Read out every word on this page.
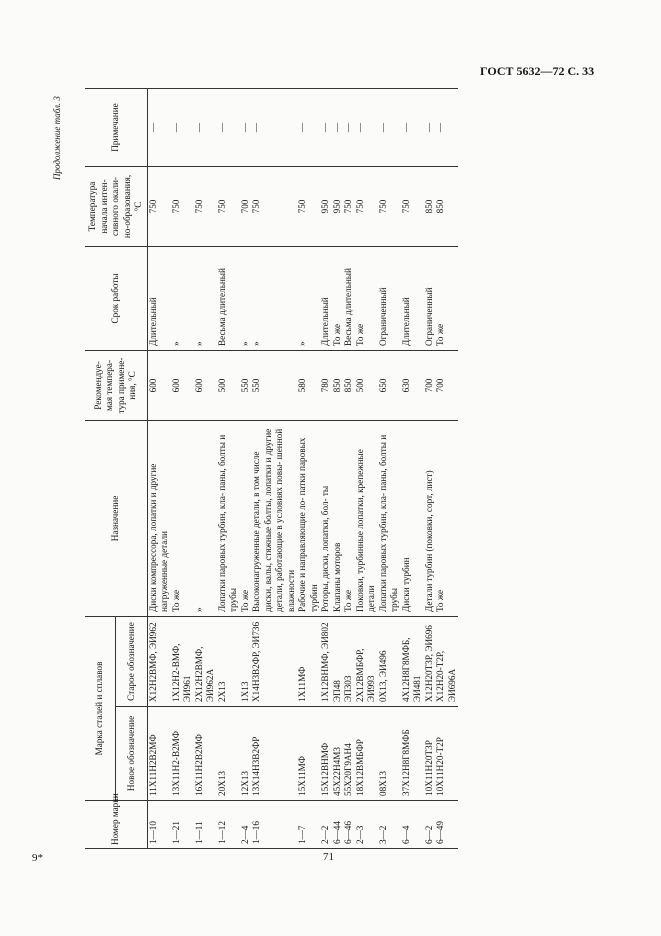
ГОСТ 5632—72 С. 33
Продолжение табл. 3
Номер марки	Марка сталей и сплавов		Назначение	Рекомендуе- мая темпера- тура примене- ния, °С	Срок работы	Температура начала интен- сивного окали- но-образования, °С	Примечание
	Новое обозначение	Старое обозначение					
1—10	11Х11Н2В2МФ	Х12Н2ВМФ, ЭИ962	Диски компрессора, лопатки и другие нагруженные детали	600	Длительный	750	—
1—21	13Х11Н2-В2МФ	1Х12Н2-ВМФ, ЭИ961	То же	600	»	750	—
1—11	16Х11Н2В2МФ	2Х12Н2ВМФ, ЭИ962А	»	600	»	750	—
1—12	20Х13	2Х13	Лопатки паровых турбин, кла- паны, болты и трубы	500	Весьма длительный	750	—
2—4	12Х13	1Х13	То же	550	»	700	—
1—16	13Х14Н3В2ФР	Х14Н3В2ФР, ЭИ736	Высоконагруженные детали, в том числе диски, валы, стяжные болты, лопатки и другие детали, работающие в условиях повы- шенной влажности	550	»	750	—
1—7	15Х11МФ	1Х11МФ	Рабочие и направляющие ло- патки паровых турбин	580	»	750	—
2—2	15Х12ВНМФ	1Х12ВНМФ, ЭИ802	Роторы, диски, лопатки, бол- ты	780	Длительный	950	—
6—44	45Х22Н4М3	ЭП48	Клапаны моторов	850	То же	950	—
6—46	55Х20Г9АН4	ЭП303	То же	850	Весьма длительный	750	—
2—3	18Х12ВМБФР	2Х12ВМБФР, ЭИ993	Поковки, турбинные лопатки, крепежные детали	500	То же	750	—
3—2	08Х13	0Х13, ЭИ496	Лопатки паровых турбин, кла- паны, болты и трубы	650	Ограниченный	750	—
6—4	37Х12Н8Г8МФБ	4Х12Н8Г8МФБ, ЭИ481	Диски турбин	630	Длительный	750	—
6—2	10Х11Н20Т3Р	Х12Н20Т3Р, ЭИ696	Детали турбин (поковки, сорт, лист)	700	Ограниченный	850	—
6—49	10Х11Н20-Т2Р	Х12Н20-Т2Р, ЭИ696А	То же	700	То же	850	—
9*	71
